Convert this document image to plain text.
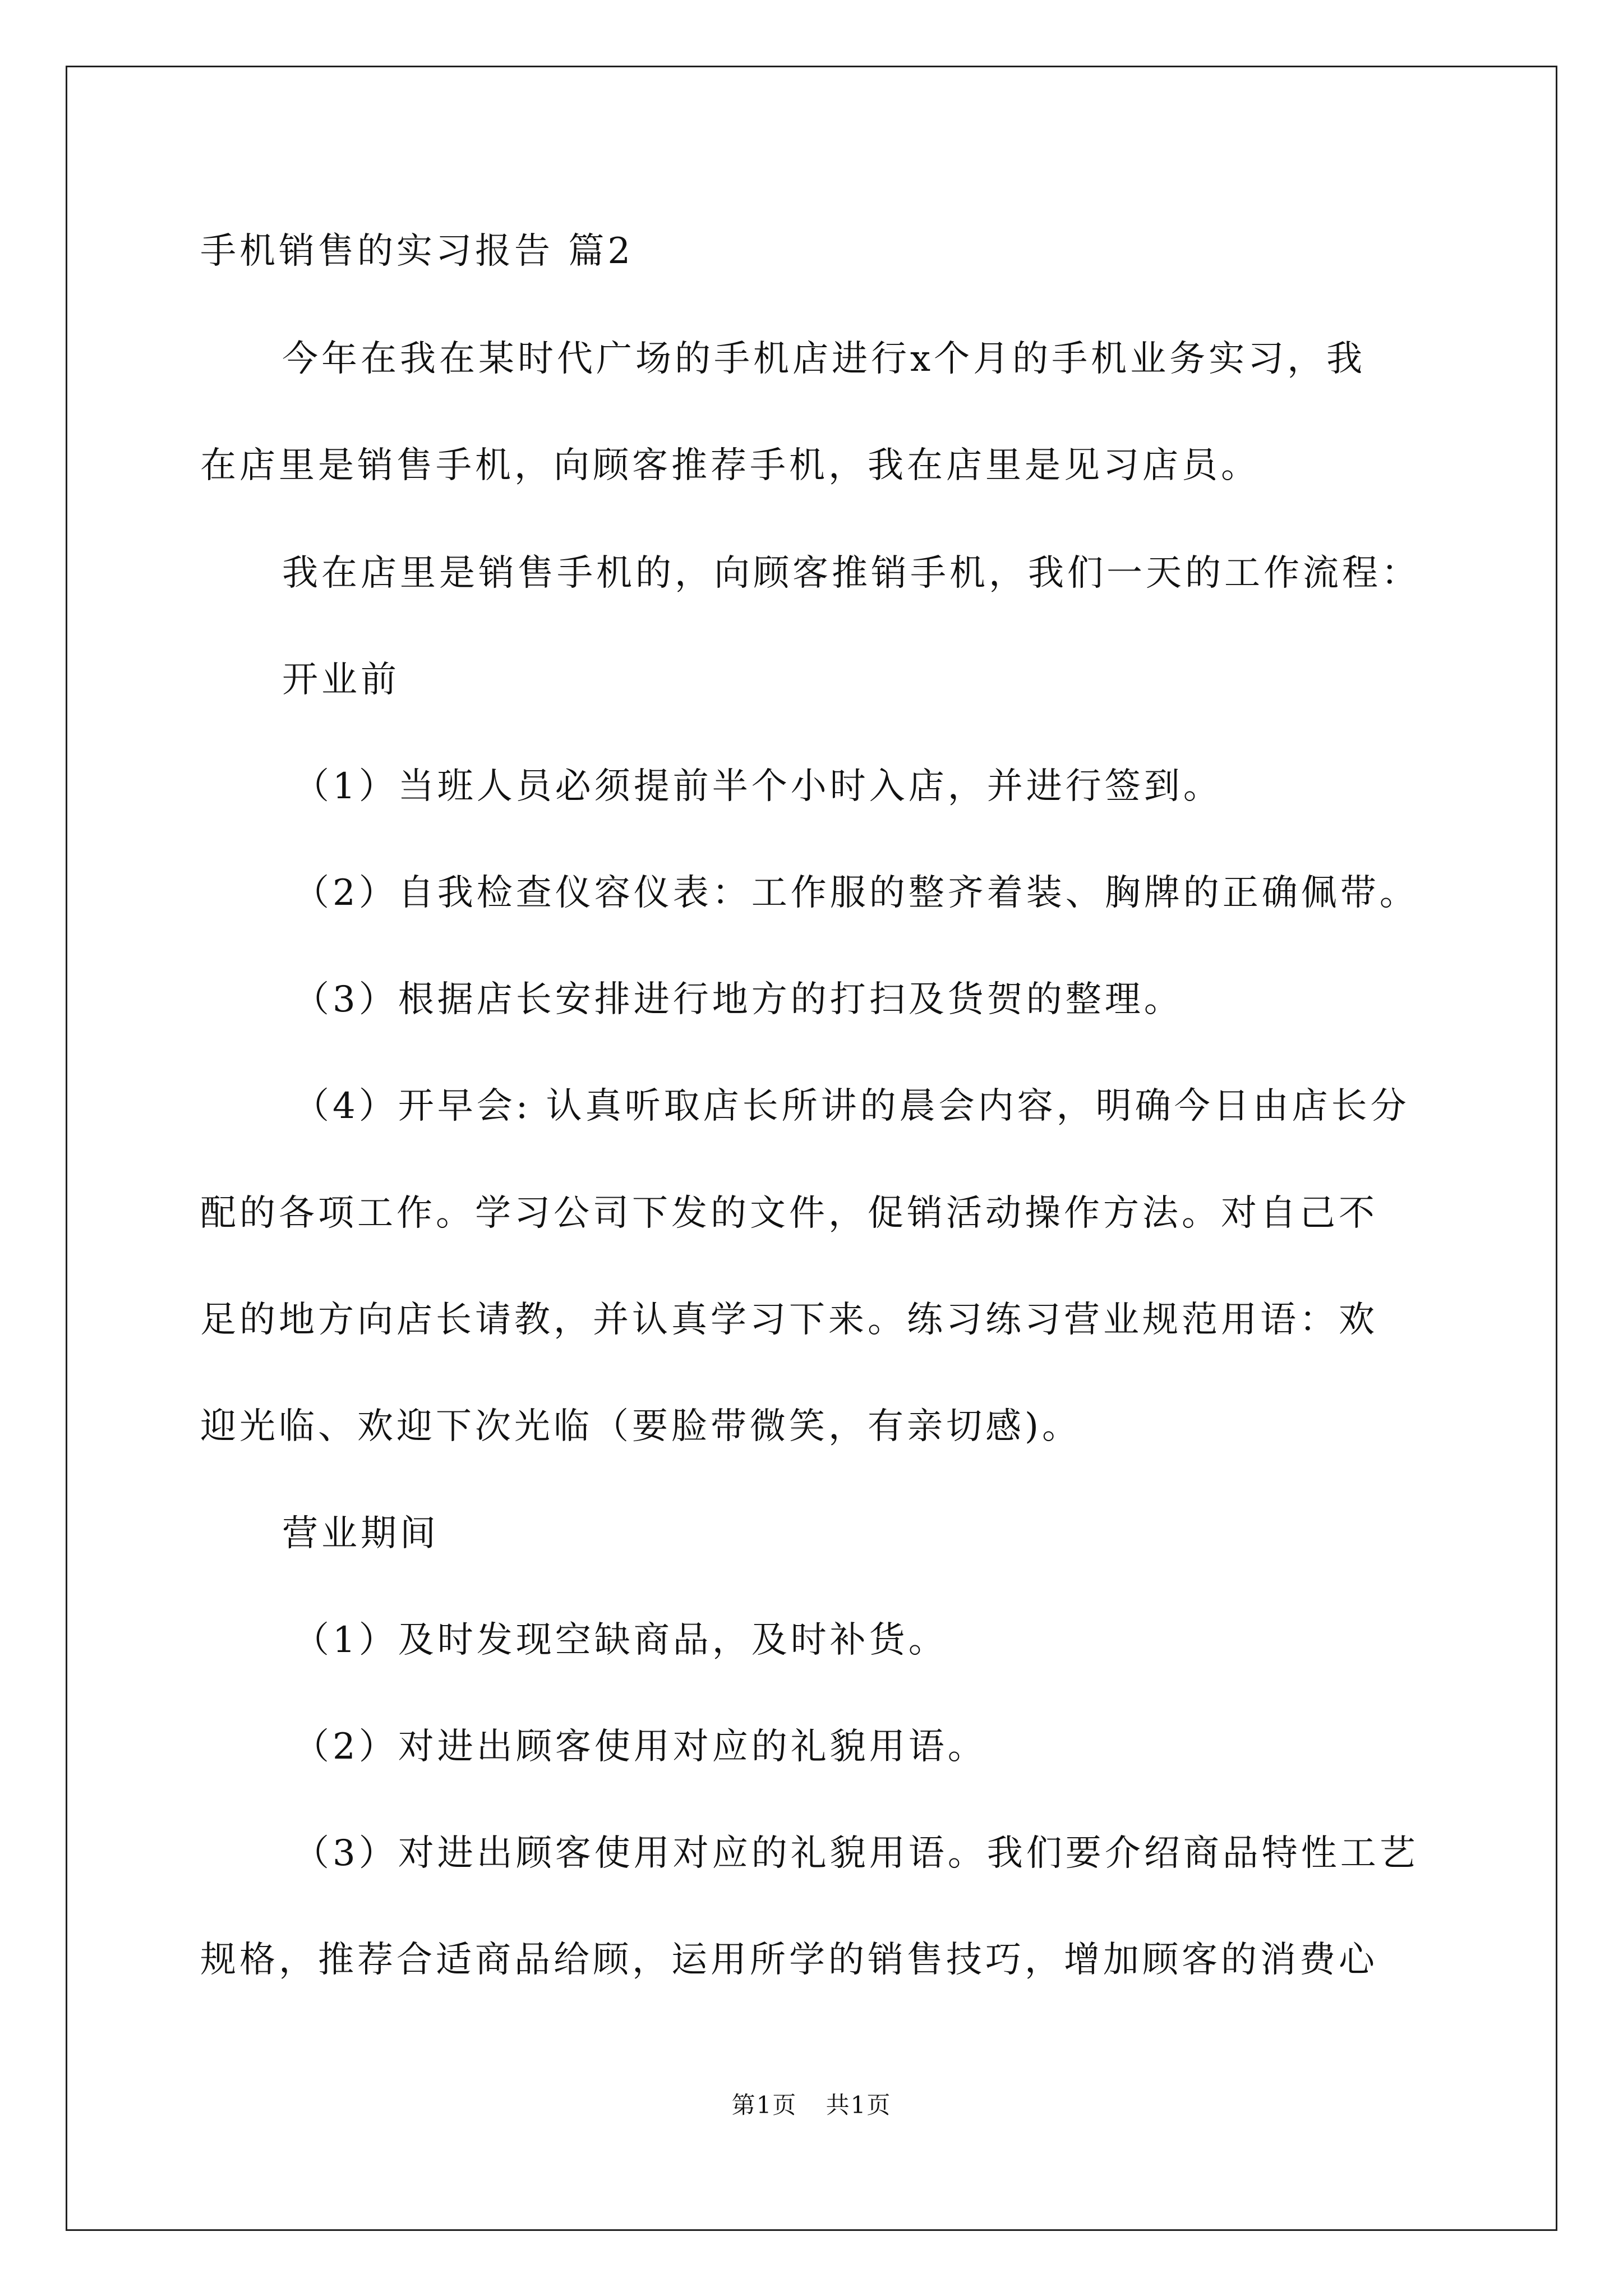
手机销售的实习报告 篇2
今年在我在某时代广场的手机店进行x个月的手机业务实习，我
在店里是销售手机，向顾客推荐手机，我在店里是见习店员。
我在店里是销售手机的，向顾客推销手机，我们一天的工作流程：
开业前
（1）当班人员必须提前半个小时入店，并进行签到。
（2）自我检查仪容仪表：工作服的整齐着装、胸牌的正确佩带。
（3）根据店长安排进行地方的打扫及货贺的整理。
（4）开早会: 认真听取店长所讲的晨会内容，明确今日由店长分
配的各项工作。学习公司下发的文件，促销活动操作方法。对自己不
足的地方向店长请教，并认真学习下来。练习练习营业规范用语：欢
迎光临、欢迎下次光临（要脸带微笑，有亲切感)。
营业期间
（1）及时发现空缺商品，及时补货。
（2）对进出顾客使用对应的礼貌用语。
（3）对进出顾客使用对应的礼貌用语。我们要介绍商品特性工艺
规格，推荐合适商品给顾，运用所学的销售技巧，增加顾客的消费心
第1页 共1页
